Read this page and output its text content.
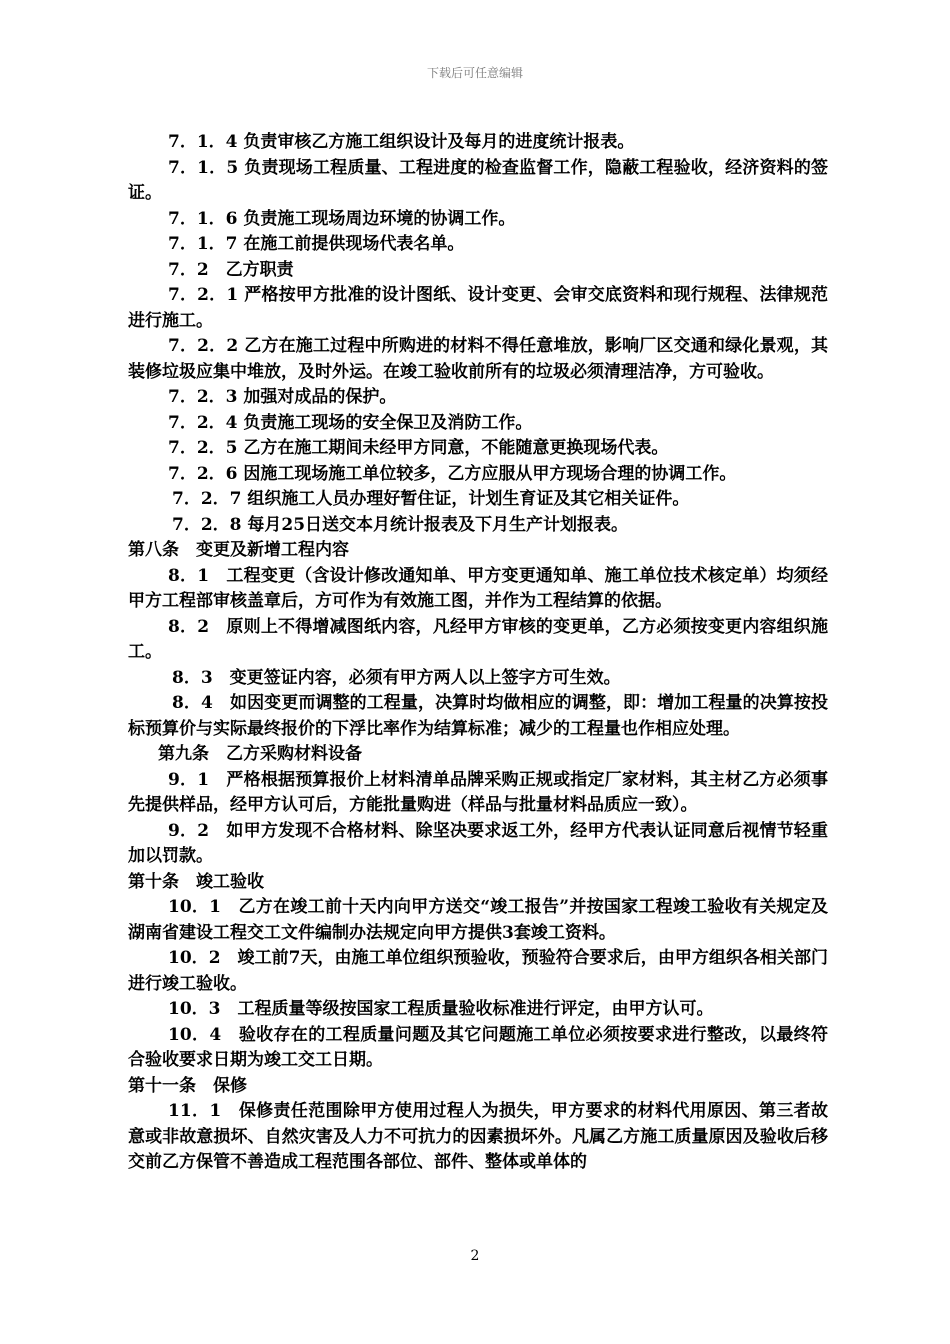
下载后可任意编辑

7．1．4 负责审核乙方施工组织设计及每月的进度统计报表。

7．1．5 负责现场工程质量、工程进度的检查监督工作，隐蔽工程验收，经济资料的签证。

7．1．6 负责施工现场周边环境的协调工作。

7．1．7 在施工前提供现场代表名单。

7．2　乙方职责

7．2．1 严格按甲方批准的设计图纸、设计变更、会审交底资料和现行规程、法律规范进行施工。

7．2．2 乙方在施工过程中所购进的材料不得任意堆放，影响厂区交通和绿化景观，其装修垃圾应集中堆放，及时外运。在竣工验收前所有的垃圾必须清理洁净，方可验收。

7．2．3 加强对成品的保护。

7．2．4 负责施工现场的安全保卫及消防工作。

7．2．5 乙方在施工期间未经甲方同意，不能随意更换现场代表。

7．2．6 因施工现场施工单位较多，乙方应服从甲方现场合理的协调工作。

7．2．7 组织施工人员办理好暂住证，计划生育证及其它相关证件。

7．2．8 每月25日送交本月统计报表及下月生产计划报表。

第八条　变更及新增工程内容

8．1　工程变更（含设计修改通知单、甲方变更通知单、施工单位技术核定单）均须经甲方工程部审核盖章后，方可作为有效施工图，并作为工程结算的依据。

8．2　原则上不得增减图纸内容，凡经甲方审核的变更单，乙方必须按变更内容组织施工。

8．3　变更签证内容，必须有甲方两人以上签字方可生效。

8．4　如因变更而调整的工程量，决算时均做相应的调整，即：增加工程量的决算按投标预算价与实际最终报价的下浮比率作为结算标准；减少的工程量也作相应处理。

第九条　乙方采购材料设备

9．1　严格根据预算报价上材料清单品牌采购正规或指定厂家材料，其主材乙方必须事先提供样品，经甲方认可后，方能批量购进（样品与批量材料品质应一致）。

9．2　如甲方发现不合格材料、除坚决要求返工外，经甲方代表认证同意后视情节轻重加以罚款。

第十条　竣工验收

10．1　乙方在竣工前十天内向甲方送交“竣工报告”并按国家工程竣工验收有关规定及湖南省建设工程交工文件编制办法规定向甲方提供3套竣工资料。

10．2　竣工前7天，由施工单位组织预验收，预验符合要求后，由甲方组织各相关部门进行竣工验收。

10．3　工程质量等级按国家工程质量验收标准进行评定，由甲方认可。

10．4　验收存在的工程质量问题及其它问题施工单位必须按要求进行整改，以最终符合验收要求日期为竣工交工日期。

第十一条　保修

11．1　保修责任范围除甲方使用过程人为损失，甲方要求的材料代用原因、第三者故意或非故意损坏、自然灾害及人力不可抗力的因素损坏外。凡属乙方施工质量原因及验收后移交前乙方保管不善造成工程范围各部位、部件、整体或单体的

2
